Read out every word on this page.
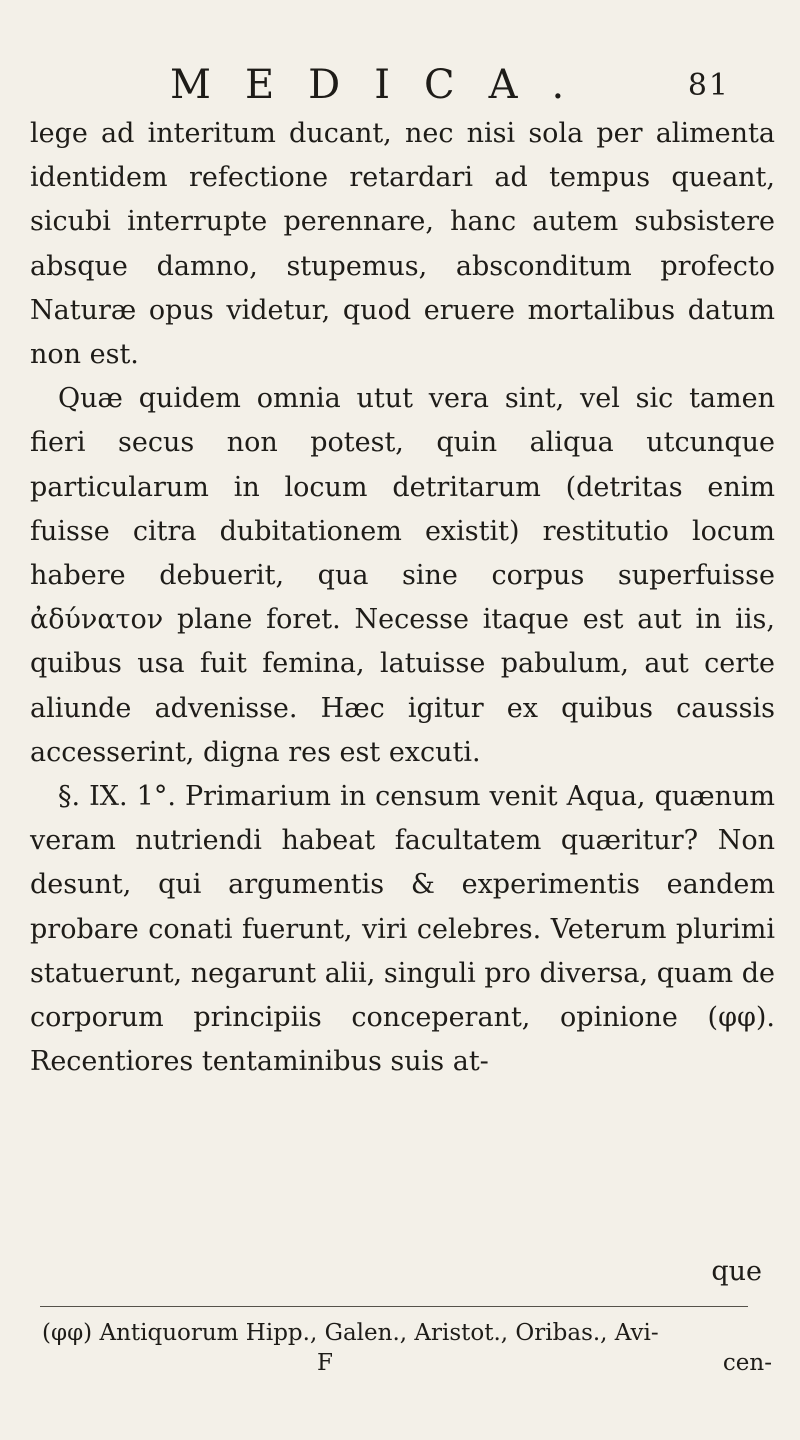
MEDICA.	81

lege ad interitum ducant, nec nisi sola per alimenta identidem refectione retardari ad tempus queant, sicubi interrupte perennare, hanc autem subsistere absque damno, stupemus, absconditum profecto Naturæ opus videtur, quod eruere mortalibus datum non est.

Quæ quidem omnia utut vera sint, vel sic tamen fieri secus non potest, quin aliqua utcunque particularum in locum detritarum (detritas enim fuisse citra dubitationem existit) restitutio locum habere debuerit, qua sine corpus superfuisse ἀδύνατον plane foret. Necesse itaque est aut in iis, quibus usa fuit femina, latuisse pabulum, aut certe aliunde advenisse. Hæc igitur ex quibus caussis accesserint, digna res est excuti.

§. IX. 1°. Primarium in censum venit Aqua, quænum veram nutriendi habeat facultatem quæritur? Non desunt, qui argumentis & experimentis eandem probare conati fuerunt, viri celebres. Veterum plurimi statuerunt, negarunt alii, singuli pro diversa, quam de corporum principiis conceperant, opinione (φφ). Recentiores tentaminibus suis at-

que
(φφ) Antiquorum Hipp., Galen., Aristot., Oribas., Avi-
F	cen-
